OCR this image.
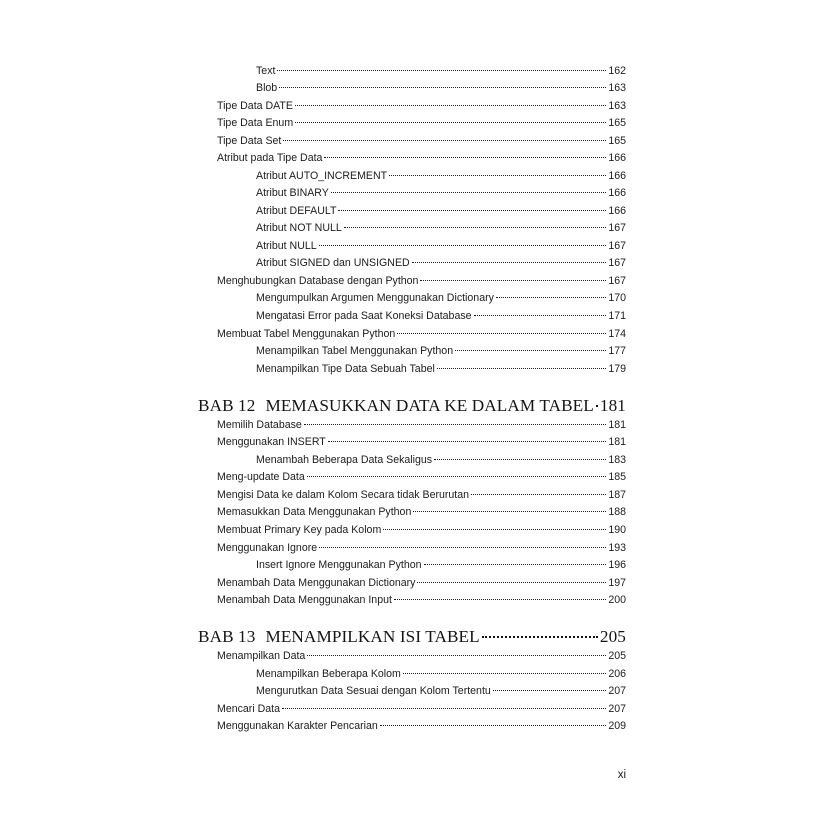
Text	162
Blob	163
Tipe Data DATE	163
Tipe Data Enum	165
Tipe Data Set	165
Atribut pada Tipe Data	166
Atribut AUTO_INCREMENT	166
Atribut BINARY	166
Atribut DEFAULT	166
Atribut NOT NULL	167
Atribut NULL	167
Atribut SIGNED dan UNSIGNED	167
Menghubungkan Database dengan Python	167
Mengumpulkan Argumen Menggunakan Dictionary	170
Mengatasi Error pada Saat Koneksi Database	171
Membuat Tabel Menggunakan Python	174
Menampilkan Tabel Menggunakan Python	177
Menampilkan Tipe Data Sebuah Tabel	179
BAB 12 MEMASUKKAN DATA KE DALAM TABEL 181
Memilih Database	181
Menggunakan INSERT	181
Menambah Beberapa Data Sekaligus	183
Meng-update Data	185
Mengisi Data ke dalam Kolom Secara tidak Berurutan	187
Memasukkan Data Menggunakan Python	188
Membuat Primary Key pada Kolom	190
Menggunakan Ignore	193
Insert Ignore Menggunakan Python	196
Menambah Data Menggunakan Dictionary	197
Menambah Data Menggunakan Input	200
BAB 13 MENAMPILKAN ISI TABEL	205
Menampilkan Data	205
Menampilkan Beberapa Kolom	206
Mengurutkan Data Sesuai dengan Kolom Tertentu	207
Mencari Data	207
Menggunakan Karakter Pencarian	209
xi
